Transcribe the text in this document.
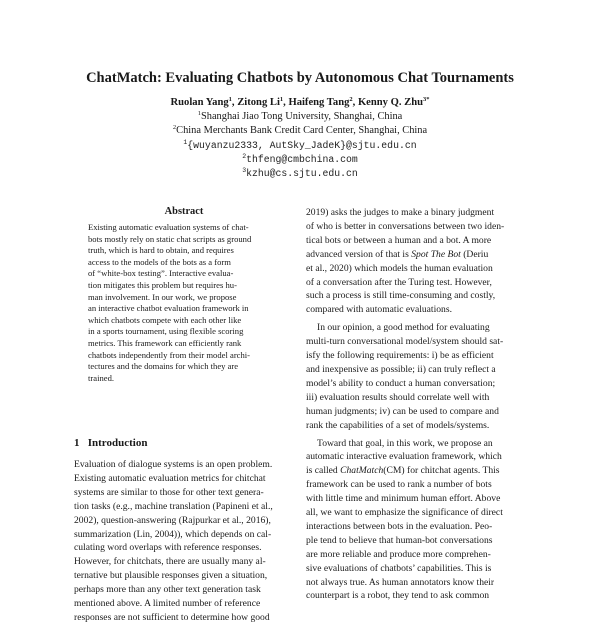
ChatMatch: Evaluating Chatbots by Autonomous Chat Tournaments
Ruolan Yang$^1$, Zitong Li$^1$, Haifeng Tang$^2$, Kenny Q. Zhu$^{3*}$
$^1$Shanghai Jiao Tong University, Shanghai, China
$^2$China Merchants Bank Credit Card Center, Shanghai, China
$^1${wuyanzu2333, AutSky_JadeK}@sjtu.edu.cn
$^2$thfeng@cmbchina.com
$^3$kzhu@cs.sjtu.edu.cn
Abstract
Existing automatic evaluation systems of chat-
bots mostly rely on static chat scripts as ground
truth, which is hard to obtain, and requires
access to the models of the bots as a form
of “white-box testing”. Interactive evalua-
tion mitigates this problem but requires hu-
man involvement. In our work, we propose
an interactive chatbot evaluation framework in
which chatbots compete with each other like
in a sports tournament, using flexible scoring
metrics. This framework can efficiently rank
chatbots independently from their model archi-
tectures and the domains for which they are
trained.
1 Introduction
Evaluation of dialogue systems is an open problem.
Existing automatic evaluation metrics for chitchat
systems are similar to those for other text genera-
tion tasks (e.g., machine translation (Papineni et al.,
2002), question-answering (Rajpurkar et al., 2016),
summarization (Lin, 2004)), which depends on cal-
culating word overlaps with reference responses.
However, for chitchats, there are usually many al-
ternative but plausible responses given a situation,
perhaps more than any other text generation task
mentioned above. A limited number of reference
responses are not sufficient to determine how good
2019) asks the judges to make a binary judgment
of who is better in conversations between two iden-
tical bots or between a human and a bot. A more
advanced version of that is Spot The Bot (Deriu
et al., 2020) which models the human evaluation
of a conversation after the Turing test. However,
such a process is still time-consuming and costly,
compared with automatic evaluations.
In our opinion, a good method for evaluating
multi-turn conversational model/system should sat-
isfy the following requirements: i) be as efficient
and inexpensive as possible; ii) can truly reflect a
model’s ability to conduct a human conversation;
iii) evaluation results should correlate well with
human judgments; iv) can be used to compare and
rank the capabilities of a set of models/systems.
Toward that goal, in this work, we propose an
automatic interactive evaluation framework, which
is called ChatMatch(CM) for chitchat agents. This
framework can be used to rank a number of bots
with little time and minimum human effort. Above
all, we want to emphasize the significance of direct
interactions between bots in the evaluation. Peo-
ple tend to believe that human-bot conversations
are more reliable and produce more comprehen-
sive evaluations of chatbots’ capabilities. This is
not always true. As human annotators know their
counterpart is a robot, they tend to ask common
